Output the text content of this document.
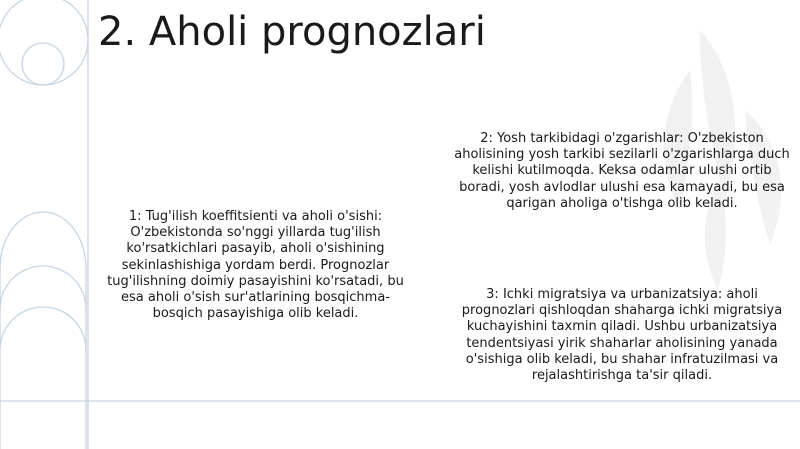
2. Aholi prognozlari

1: Tug'ilish koeffitsienti va aholi o'sishi: O'zbekistonda so'nggi yillarda tug'ilish ko'rsatkichlari pasayib, aholi o'sishining sekinlashishiga yordam berdi. Prognozlar tug'ilishning doimiy pasayishini ko'rsatadi, bu esa aholi o'sish sur'atlarining bosqichma-bosqich pasayishiga olib keladi.

2: Yosh tarkibidagi o'zgarishlar: O'zbekiston aholisining yosh tarkibi sezilarli o'zgarishlarga duch kelishi kutilmoqda. Keksa odamlar ulushi ortib boradi, yosh avlodlar ulushi esa kamayadi, bu esa qarigan aholiga o'tishga olib keladi.

3: Ichki migratsiya va urbanizatsiya: aholi prognozlari qishloqdan shaharga ichki migratsiya kuchayishini taxmin qiladi. Ushbu urbanizatsiya tendentsiyasi yirik shaharlar aholisining yanada o'sishiga olib keladi, bu shahar infratuzilmasi va rejalashtirishga ta'sir qiladi.
